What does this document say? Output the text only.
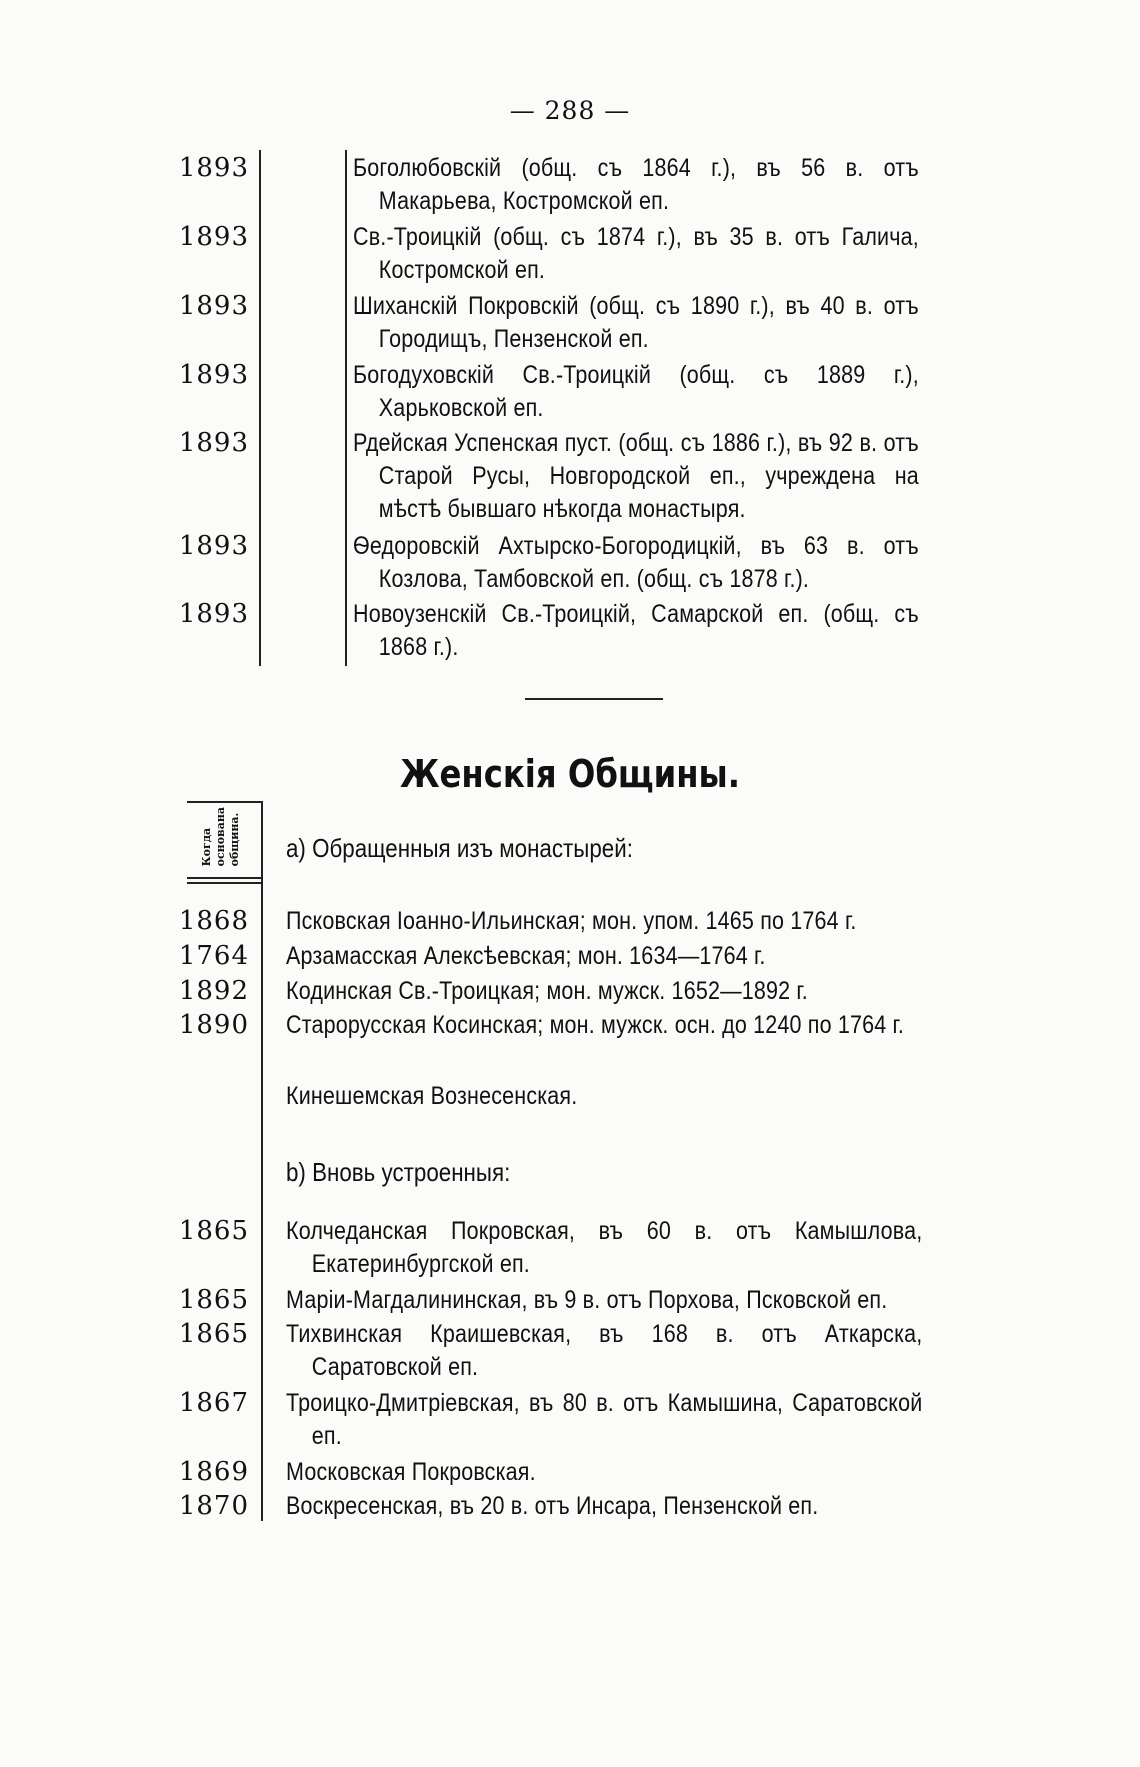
— 288 —
1893	Боголюбовскій (общ. съ 1864 г.), въ 56 в. отъ Макарьева, Костромской еп.
1893	Св.-Троицкій (общ. съ 1874 г.), въ 35 в. отъ Галича, Костромской еп.
1893	Шиханскій Покровскій (общ. съ 1890 г.), въ 40 в. отъ Городищъ, Пензенской еп.
1893	Богодуховскій Св.-Троицкій (общ. съ 1889 г.), Харьковской еп.
1893	Рдейская Успенская пуст. (общ. съ 1886 г.), въ 92 в. отъ Старой Русы, Новгородской еп., учреждена на мѣстѣ бывшаго нѣкогда монастыря.
1893	Ѳедоровскій Ахтырско-Богородицкій, въ 63 в. отъ Козлова, Тамбовской еп. (общ. съ 1878 г.).
1893	Новоузенскій Св.-Троицкій, Самарской еп. (общ. съ 1868 г.).
Женскія Общины.
Когда основана община. a) Обращенныя изъ монастырей:
1868 Псковская Іоанно-Ильинская; мон. упом. 1465 по 1764 г.
1764 Арзамасская Алексѣевская; мон. 1634—1764 г.
1892 Кодинская Св.-Троицкая; мон. мужск. 1652—1892 г.
1890 Старорусская Косинская; мон. мужск. осн. до 1240 по 1764 г.
Кинешемская Вознесенская.
b) Вновь устроенныя:
1865 Колчеданская Покровская, въ 60 в. отъ Камышлова, Екатеринбургской еп.
1865 Маріи-Магдалининская, въ 9 в. отъ Порхова, Псковской еп.
1865 Тихвинская Краишевская, въ 168 в. отъ Аткарска, Саратовской еп.
1867 Троицко-Дмитріевская, въ 80 в. отъ Камышина, Саратовской еп.
1869 Московская Покровская.
1870 Воскресенская, въ 20 в. отъ Инсара, Пензенской еп.
